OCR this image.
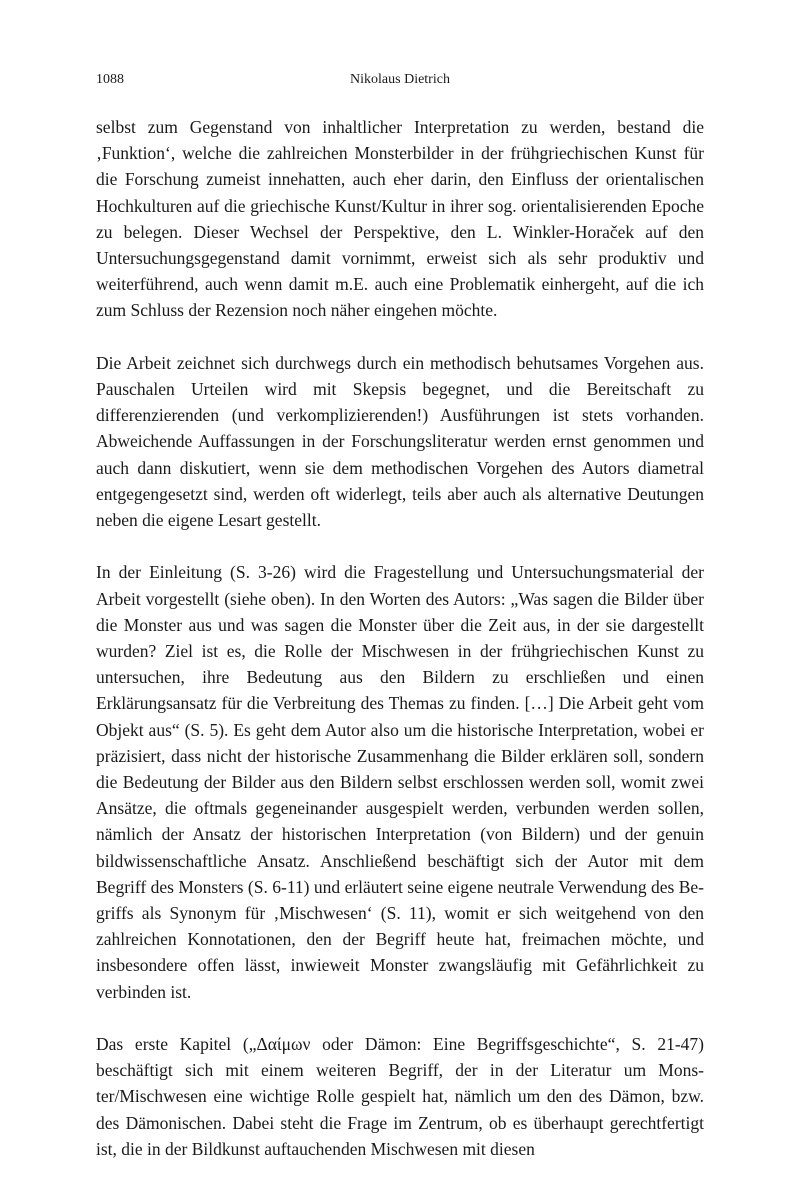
1088	Nikolaus Dietrich

selbst zum Gegenstand von inhaltlicher Interpretation zu werden, bestand die ‚Funktion‘, welche die zahlreichen Monsterbilder in der frühgriechischen Kunst für die Forschung zumeist innehatten, auch eher darin, den Einfluss der orientalischen Hochkulturen auf die griechische Kunst/Kultur in ihrer sog. orientalisierenden Epoche zu belegen. Dieser Wechsel der Perspektive, den L. Winkler-Horaček auf den Untersuchungsgegenstand damit vornimmt, erweist sich als sehr produktiv und weiterführend, auch wenn damit m.E. auch eine Problematik einhergeht, auf die ich zum Schluss der Rezension noch näher eingehen möchte.

Die Arbeit zeichnet sich durchwegs durch ein methodisch behutsames Vorgehen aus. Pauschalen Urteilen wird mit Skepsis begegnet, und die Bereitschaft zu differenzierenden (und verkomplizierenden!) Ausführungen ist stets vorhanden. Abweichende Auffassungen in der Forschungsliteratur werden ernst genommen und auch dann diskutiert, wenn sie dem methodischen Vorgehen des Autors diametral entgegengesetzt sind, werden oft widerlegt, teils aber auch als alternative Deutungen neben die eigene Lesart gestellt.

In der Einleitung (S. 3-26) wird die Fragestellung und Untersuchungsmaterial der Arbeit vorgestellt (siehe oben). In den Worten des Autors: „Was sagen die Bilder über die Monster aus und was sagen die Monster über die Zeit aus, in der sie dargestellt wurden? Ziel ist es, die Rolle der Mischwesen in der frühgriechischen Kunst zu untersuchen, ihre Bedeutung aus den Bildern zu erschließen und einen Erklärungsansatz für die Verbreitung des Themas zu finden. […] Die Arbeit geht vom Objekt aus“ (S. 5). Es geht dem Autor also um die historische Interpretation, wobei er präzisiert, dass nicht der historische Zusammenhang die Bilder erklären soll, sondern die Bedeutung der Bilder aus den Bildern selbst erschlossen werden soll, womit zwei Ansätze, die oftmals gegeneinander ausgespielt werden, verbunden werden sollen, nämlich der Ansatz der historischen Interpretation (von Bildern) und der genuin bildwissenschaftliche Ansatz. Anschließend beschäftigt sich der Autor mit dem Begriff des Monsters (S. 6-11) und erläutert seine eigene neutrale Verwendung des Begriffs als Synonym für ‚Mischwesen‘ (S. 11), womit er sich weitgehend von den zahlreichen Konnotationen, den der Begriff heute hat, freimachen möchte, und insbesondere offen lässt, inwieweit Monster zwangsläufig mit Gefährlichkeit zu verbinden ist.

Das erste Kapitel („Δαίμων oder Dämon: Eine Begriffsgeschichte“, S. 21-47) beschäftigt sich mit einem weiteren Begriff, der in der Literatur um Monster/Mischwesen eine wichtige Rolle gespielt hat, nämlich um den des Dämon, bzw. des Dämonischen. Dabei steht die Frage im Zentrum, ob es überhaupt gerechtfertigt ist, die in der Bildkunst auftauchenden Mischwesen mit diesen
